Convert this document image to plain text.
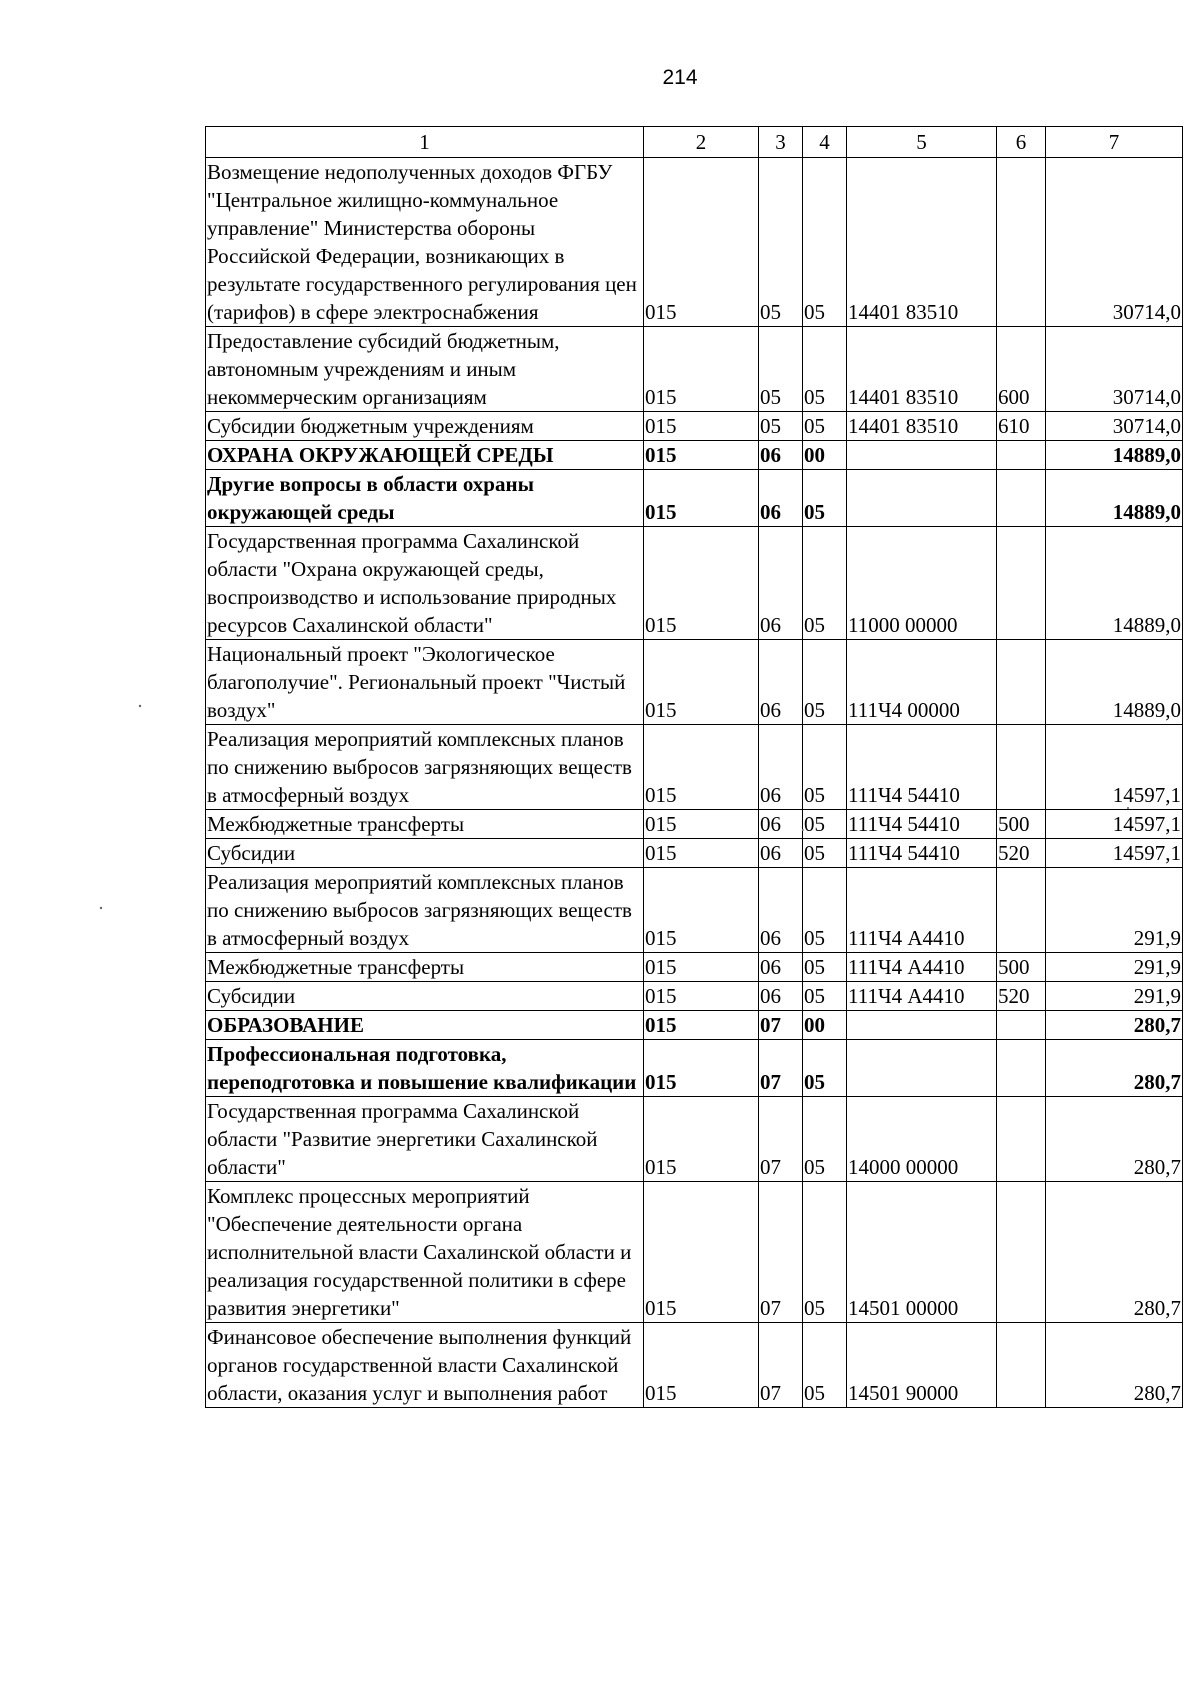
214
1	2	3	4	5	6	7
Возмещение недополученных доходов ФГБУ "Центральное жилищно-коммунальное управление" Министерства обороны Российской Федерации, возникающих в результате государственного регулирования цен (тарифов) в сфере электроснабжения	015	05	05	14401 83510		30714,0
Предоставление субсидий бюджетным, автономным учреждениям и иным некоммерческим организациям	015	05	05	14401 83510	600	30714,0
Субсидии бюджетным учреждениям	015	05	05	14401 83510	610	30714,0
ОХРАНА ОКРУЖАЮЩЕЙ СРЕДЫ	015	06	00			14889,0
Другие вопросы в области охраны окружающей среды	015	06	05			14889,0
Государственная программа Сахалинской области "Охрана окружающей среды, воспроизводство и использование природных ресурсов Сахалинской области"	015	06	05	11000 00000		14889,0
Национальный проект "Экологическое благополучие". Региональный проект "Чистый воздух"	015	06	05	111Ч4 00000		14889,0
Реализация мероприятий комплексных планов по снижению выбросов загрязняющих веществ в атмосферный воздух	015	06	05	111Ч4 54410		14597,1
Межбюджетные трансферты	015	06	05	111Ч4 54410	500	14597,1
Субсидии	015	06	05	111Ч4 54410	520	14597,1
Реализация мероприятий комплексных планов по снижению выбросов загрязняющих веществ в атмосферный воздух	015	06	05	111Ч4 А4410		291,9
Межбюджетные трансферты	015	06	05	111Ч4 А4410	500	291,9
Субсидии	015	06	05	111Ч4 А4410	520	291,9
ОБРАЗОВАНИЕ	015	07	00			280,7
Профессиональная подготовка, переподготовка и повышение квалификации	015	07	05			280,7
Государственная программа Сахалинской области "Развитие энергетики Сахалинской области"	015	07	05	14000 00000		280,7
Комплекс процессных мероприятий "Обеспечение деятельности органа исполнительной власти Сахалинской области и реализация государственной политики в сфере развития энергетики"	015	07	05	14501 00000		280,7
Финансовое обеспечение выполнения функций органов государственной власти Сахалинской области, оказания услуг и выполнения работ	015	07	05	14501 90000		280,7
